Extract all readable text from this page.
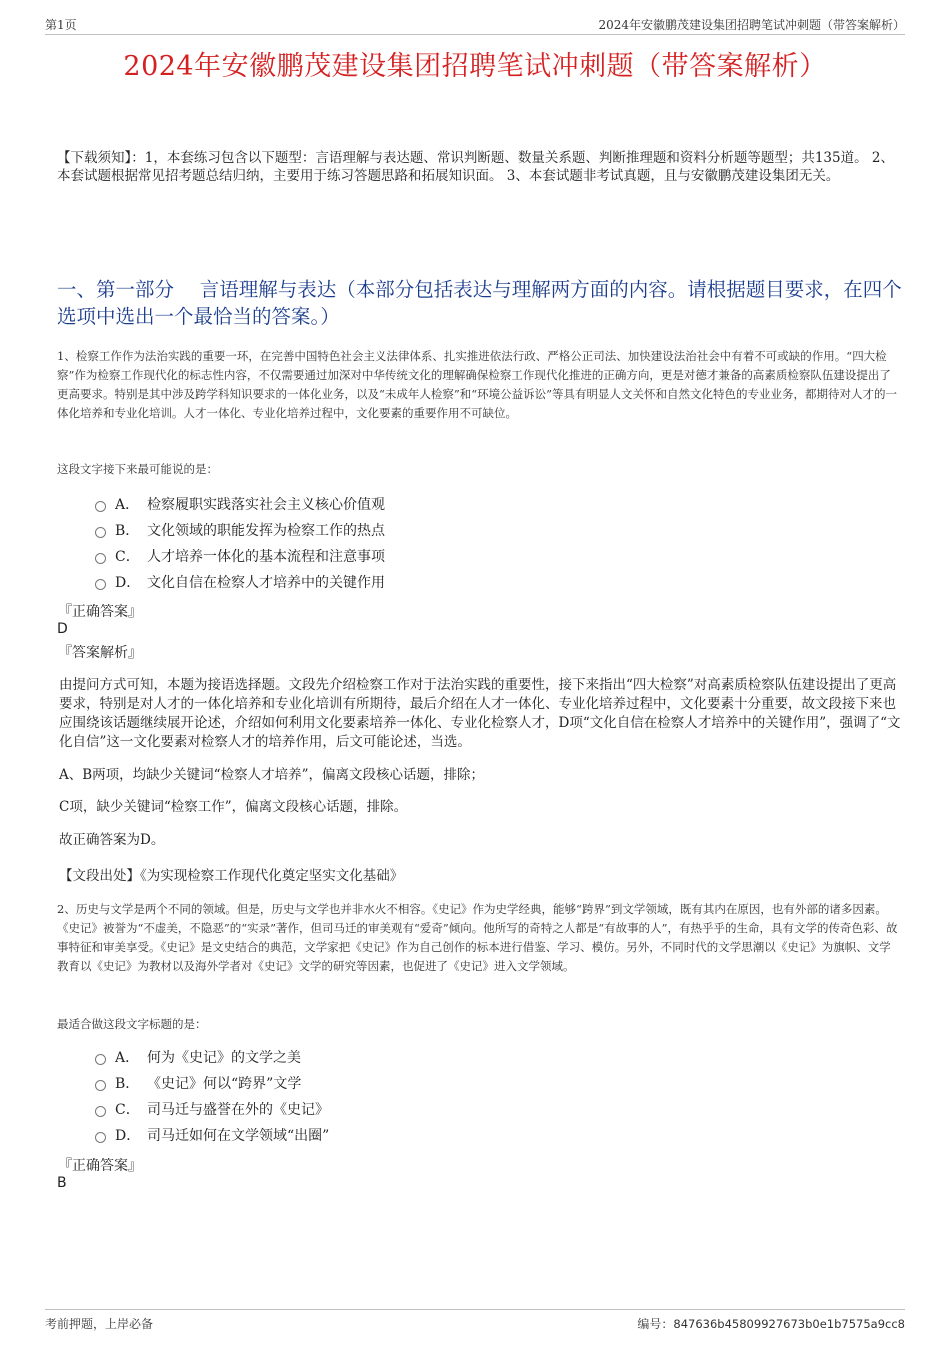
第1页	2024年安徽鹏茂建设集团招聘笔试冲刺题（带答案解析）
2024年安徽鹏茂建设集团招聘笔试冲刺题（带答案解析）
【下载须知】：1，本套练习包含以下题型：言语理解与表达题、常识判断题、数量关系题、判断推理题和资料分析题等题型；共135道。 2、本套试题根据常见招考题总结归纳，主要用于练习答题思路和拓展知识面。 3、本套试题非考试真题，且与安徽鹏茂建设集团无关。
一、第一部分　 言语理解与表达（本部分包括表达与理解两方面的内容。请根据题目要求，在四个选项中选出一个最恰当的答案。）
1、检察工作作为法治实践的重要一环，在完善中国特色社会主义法律体系、扎实推进依法行政、严格公正司法、加快建设法治社会中有着不可或缺的作用。“四大检察”作为检察工作现代化的标志性内容，不仅需要通过加深对中华传统文化的理解确保检察工作现代化推进的正确方向，更是对德才兼备的高素质检察队伍建设提出了更高要求。特别是其中涉及跨学科知识要求的一体化业务，以及“未成年人检察”和“环境公益诉讼”等具有明显人文关怀和自然文化特色的专业业务，都期待对人才的一体化培养和专业化培训。人才一体化、专业化培养过程中，文化要素的重要作用不可缺位。
这段文字接下来最可能说的是：
A． 检察履职实践落实社会主义核心价值观
B． 文化领域的职能发挥为检察工作的热点
C． 人才培养一体化的基本流程和注意事项
D． 文化自信在检察人才培养中的关键作用
『正确答案』
D
『答案解析』
由提问方式可知，本题为接语选择题。文段先介绍检察工作对于法治实践的重要性，接下来指出“四大检察”对高素质检察队伍建设提出了更高要求，特别是对人才的一体化培养和专业化培训有所期待，最后介绍在人才一体化、专业化培养过程中，文化要素十分重要，故文段接下来也应围绕该话题继续展开论述，介绍如何利用文化要素培养一体化、专业化检察人才，D项“文化自信在检察人才培养中的关键作用”，强调了“文化自信”这一文化要素对检察人才的培养作用，后文可能论述，当选。
A、B两项，均缺少关键词“检察人才培养”，偏离文段核心话题，排除；
C项，缺少关键词“检察工作”，偏离文段核心话题，排除。
故正确答案为D。
【文段出处】《为实现检察工作现代化奠定坚实文化基础》
2、历史与文学是两个不同的领域。但是，历史与文学也并非水火不相容。《史记》作为史学经典，能够“跨界”到文学领域，既有其内在原因，也有外部的诸多因素。《史记》被誉为“不虚美，不隐恶”的“实录”著作，但司马迁的审美观有“爱奇”倾向。他所写的奇特之人都是“有故事的人”，有热乎乎的生命，具有文学的传奇色彩、故事特征和审美享受。《史记》是文史结合的典范，文学家把《史记》作为自己创作的标本进行借鉴、学习、模仿。另外，不同时代的文学思潮以《史记》为旗帜、文学教育以《史记》为教材以及海外学者对《史记》文学的研究等因素，也促进了《史记》进入文学领域。
最适合做这段文字标题的是：
A． 何为《史记》的文学之美
B． 《史记》何以“跨界”文学
C． 司马迁与盛誉在外的《史记》
D． 司马迁如何在文学领域“出圈”
『正确答案』
B
考前押题，上岸必备	编号：847636b45809927673b0e1b7575a9cc8
